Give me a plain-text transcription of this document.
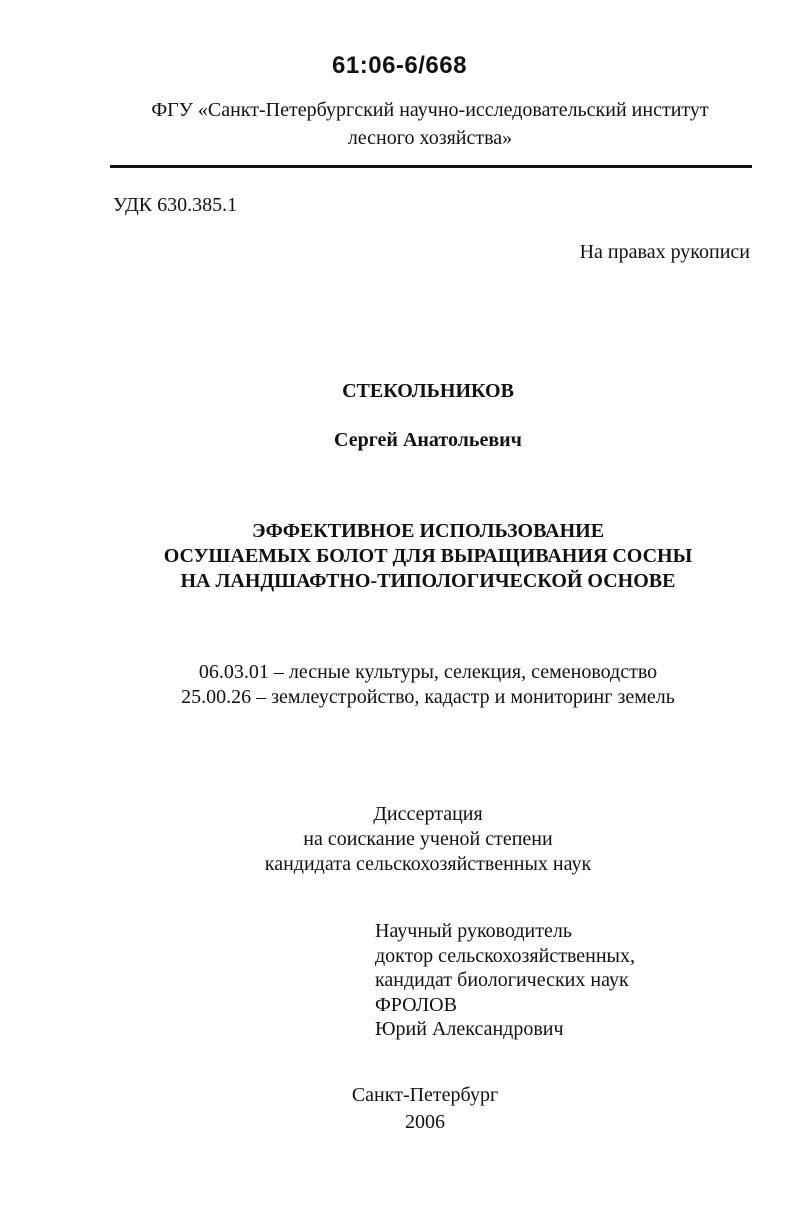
61:06-6/668
ФГУ «Санкт-Петербургский научно-исследовательский институт
лесного хозяйства»
УДК 630.385.1
На правах рукописи
СТЕКОЛЬНИКОВ
Сергей Анатольевич
ЭФФЕКТИВНОЕ ИСПОЛЬЗОВАНИЕ
ОСУШАЕМЫХ БОЛОТ ДЛЯ ВЫРАЩИВАНИЯ СОСНЫ
НА ЛАНДШАФТНО-ТИПОЛОГИЧЕСКОЙ ОСНОВЕ
06.03.01 – лесные культуры, селекция, семеноводство
25.00.26 – землеустройство, кадастр и мониторинг земель
Диссертация
на соискание ученой степени
кандидата сельскохозяйственных наук
Научный руководитель
доктор сельскохозяйственных,
кандидат биологических наук
ФРОЛОВ
Юрий Александрович
Санкт-Петербург
2006
